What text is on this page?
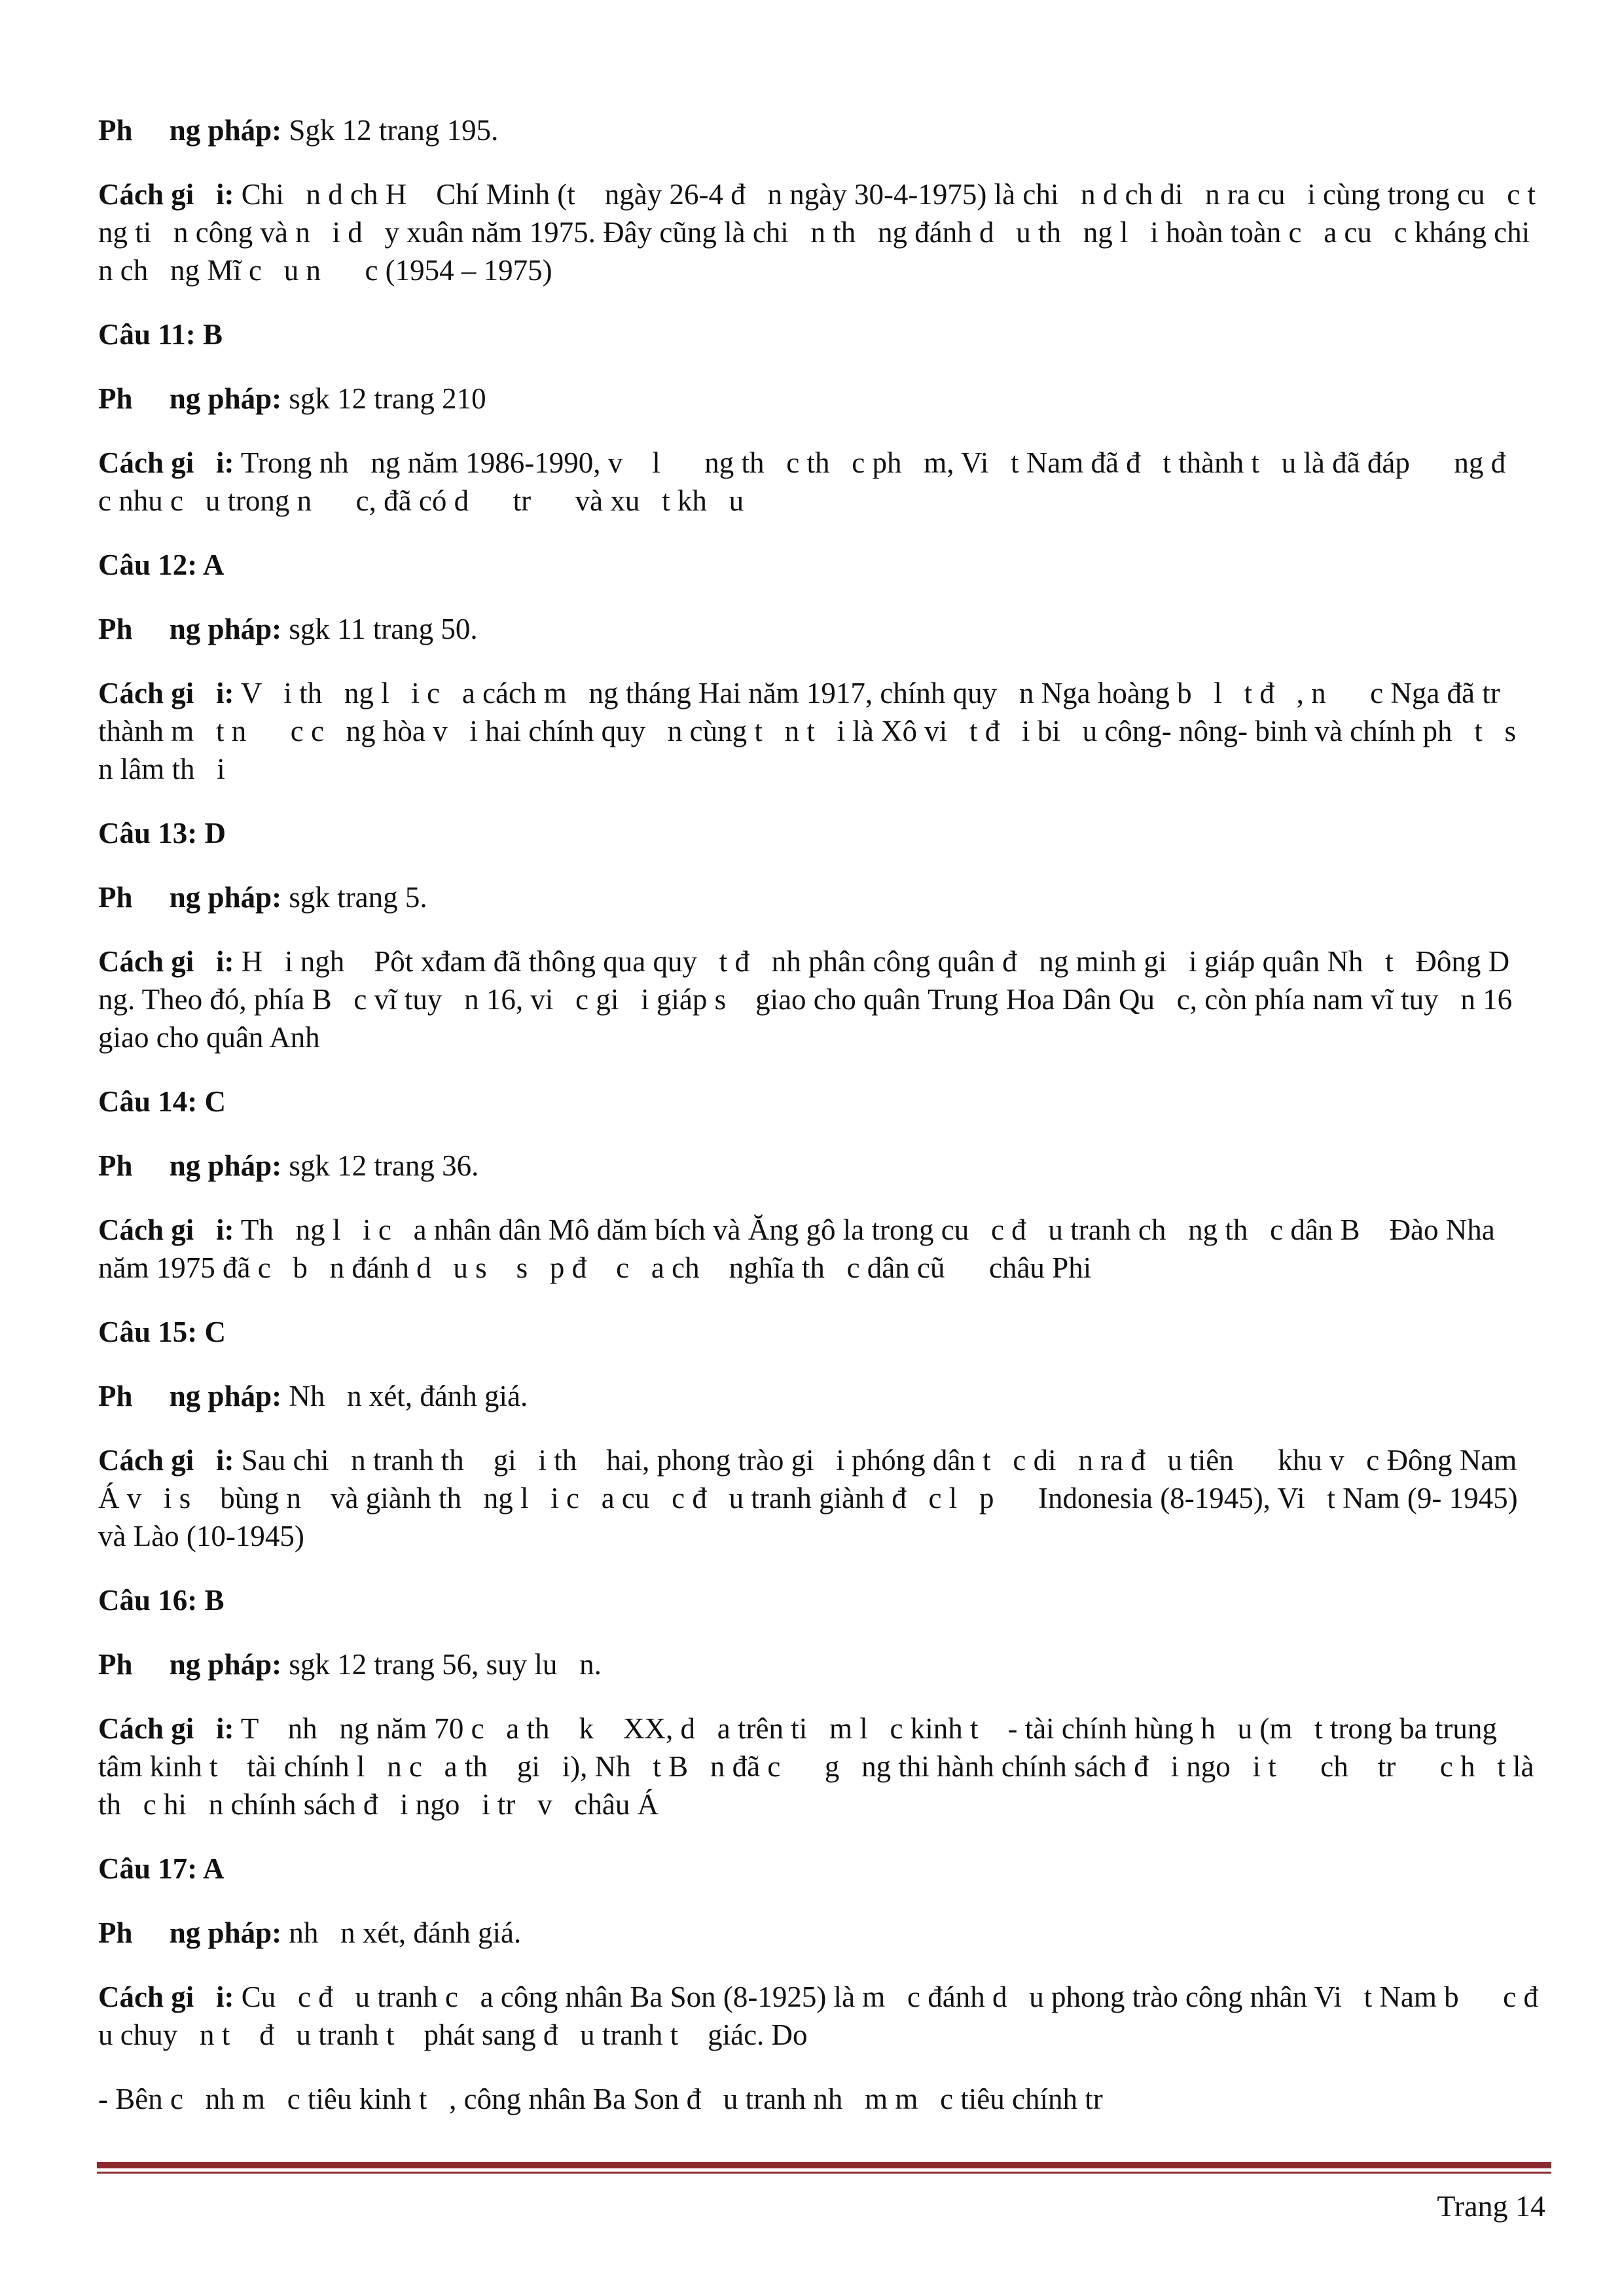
Ph     ng pháp: Sgk 12 trang 195.

Cách gi   i: Chi   n d ch H    Chí Minh (t    ngày 26-4 đ   n ngày 30-4-1975) là chi   n d ch di   n ra cu   i cùng trong cu   c t   ng ti   n công và n   i d   y xuân năm 1975. Đây cũng là chi   n th   ng đánh d   u th   ng l   i hoàn toàn c   a cu   c kháng chi   n ch   ng Mĩ c   u n      c (1954 – 1975)

Câu 11: B

Ph     ng pháp: sgk 12 trang 210

Cách gi   i: Trong nh   ng năm 1986-1990, v    l      ng th   c th   c ph   m, Vi   t Nam đã đ   t thành t   u là đã đáp      ng đ      c nhu c   u trong n      c, đã có d      tr      và xu   t kh   u

Câu 12: A

Ph     ng pháp: sgk 11 trang 50.

Cách gi   i: V   i th   ng l   i c   a cách m   ng tháng Hai năm 1917, chính quy   n Nga hoàng b   l   t đ   , n      c Nga đã tr      thành m   t n      c c   ng hòa v   i hai chính quy   n cùng t   n t   i là Xô vi   t đ   i bi   u công- nông- binh và chính ph   t   s   n lâm th   i

Câu 13: D

Ph     ng pháp: sgk trang 5.

Cách gi   i: H   i ngh    Pôt xđam đã thông qua quy   t đ   nh phân công quân đ   ng minh gi   i giáp quân Nh   t   Đông D      ng. Theo đó, phía B   c vĩ tuy   n 16, vi   c gi   i giáp s    giao cho quân Trung Hoa Dân Qu   c, còn phía nam vĩ tuy   n 16 giao cho quân Anh

Câu 14: C

Ph     ng pháp: sgk 12 trang 36.

Cách gi   i: Th   ng l   i c   a nhân dân Mô dăm bích và Ăng gô la trong cu   c đ   u tranh ch   ng th   c dân B    Đào Nha năm 1975 đã c   b   n đánh d   u s    s   p đ    c   a ch    nghĩa th   c dân cũ      châu Phi

Câu 15: C

Ph     ng pháp: Nh   n xét, đánh giá.

Cách gi   i: Sau chi   n tranh th    gi   i th    hai, phong trào gi   i phóng dân t   c di   n ra đ   u tiên      khu v   c Đông Nam Á v   i s    bùng n    và giành th   ng l   i c   a cu   c đ   u tranh giành đ   c l   p      Indonesia (8-1945), Vi   t Nam (9- 1945) và Lào (10-1945)

Câu 16: B

Ph     ng pháp: sgk 12 trang 56, suy lu   n.

Cách gi   i: T    nh   ng năm 70 c   a th    k    XX, d   a trên ti   m l   c kinh t    - tài chính hùng h   u (m   t trong ba trung tâm kinh t    tài chính l   n c   a th    gi   i), Nh   t B   n đã c      g   ng thi hành chính sách đ   i ngo   i t      ch    tr      c h   t là th   c hi   n chính sách đ   i ngo   i tr   v   châu Á

Câu 17: A

Ph     ng pháp: nh   n xét, đánh giá.

Cách gi   i: Cu   c đ   u tranh c   a công nhân Ba Son (8-1925) là m   c đánh d   u phong trào công nhân Vi   t Nam b      c đ   u chuy   n t    đ   u tranh t    phát sang đ   u tranh t    giác. Do

- Bên c   nh m   c tiêu kinh t   , công nhân Ba Son đ   u tranh nh   m m   c tiêu chính tr

Trang 14
